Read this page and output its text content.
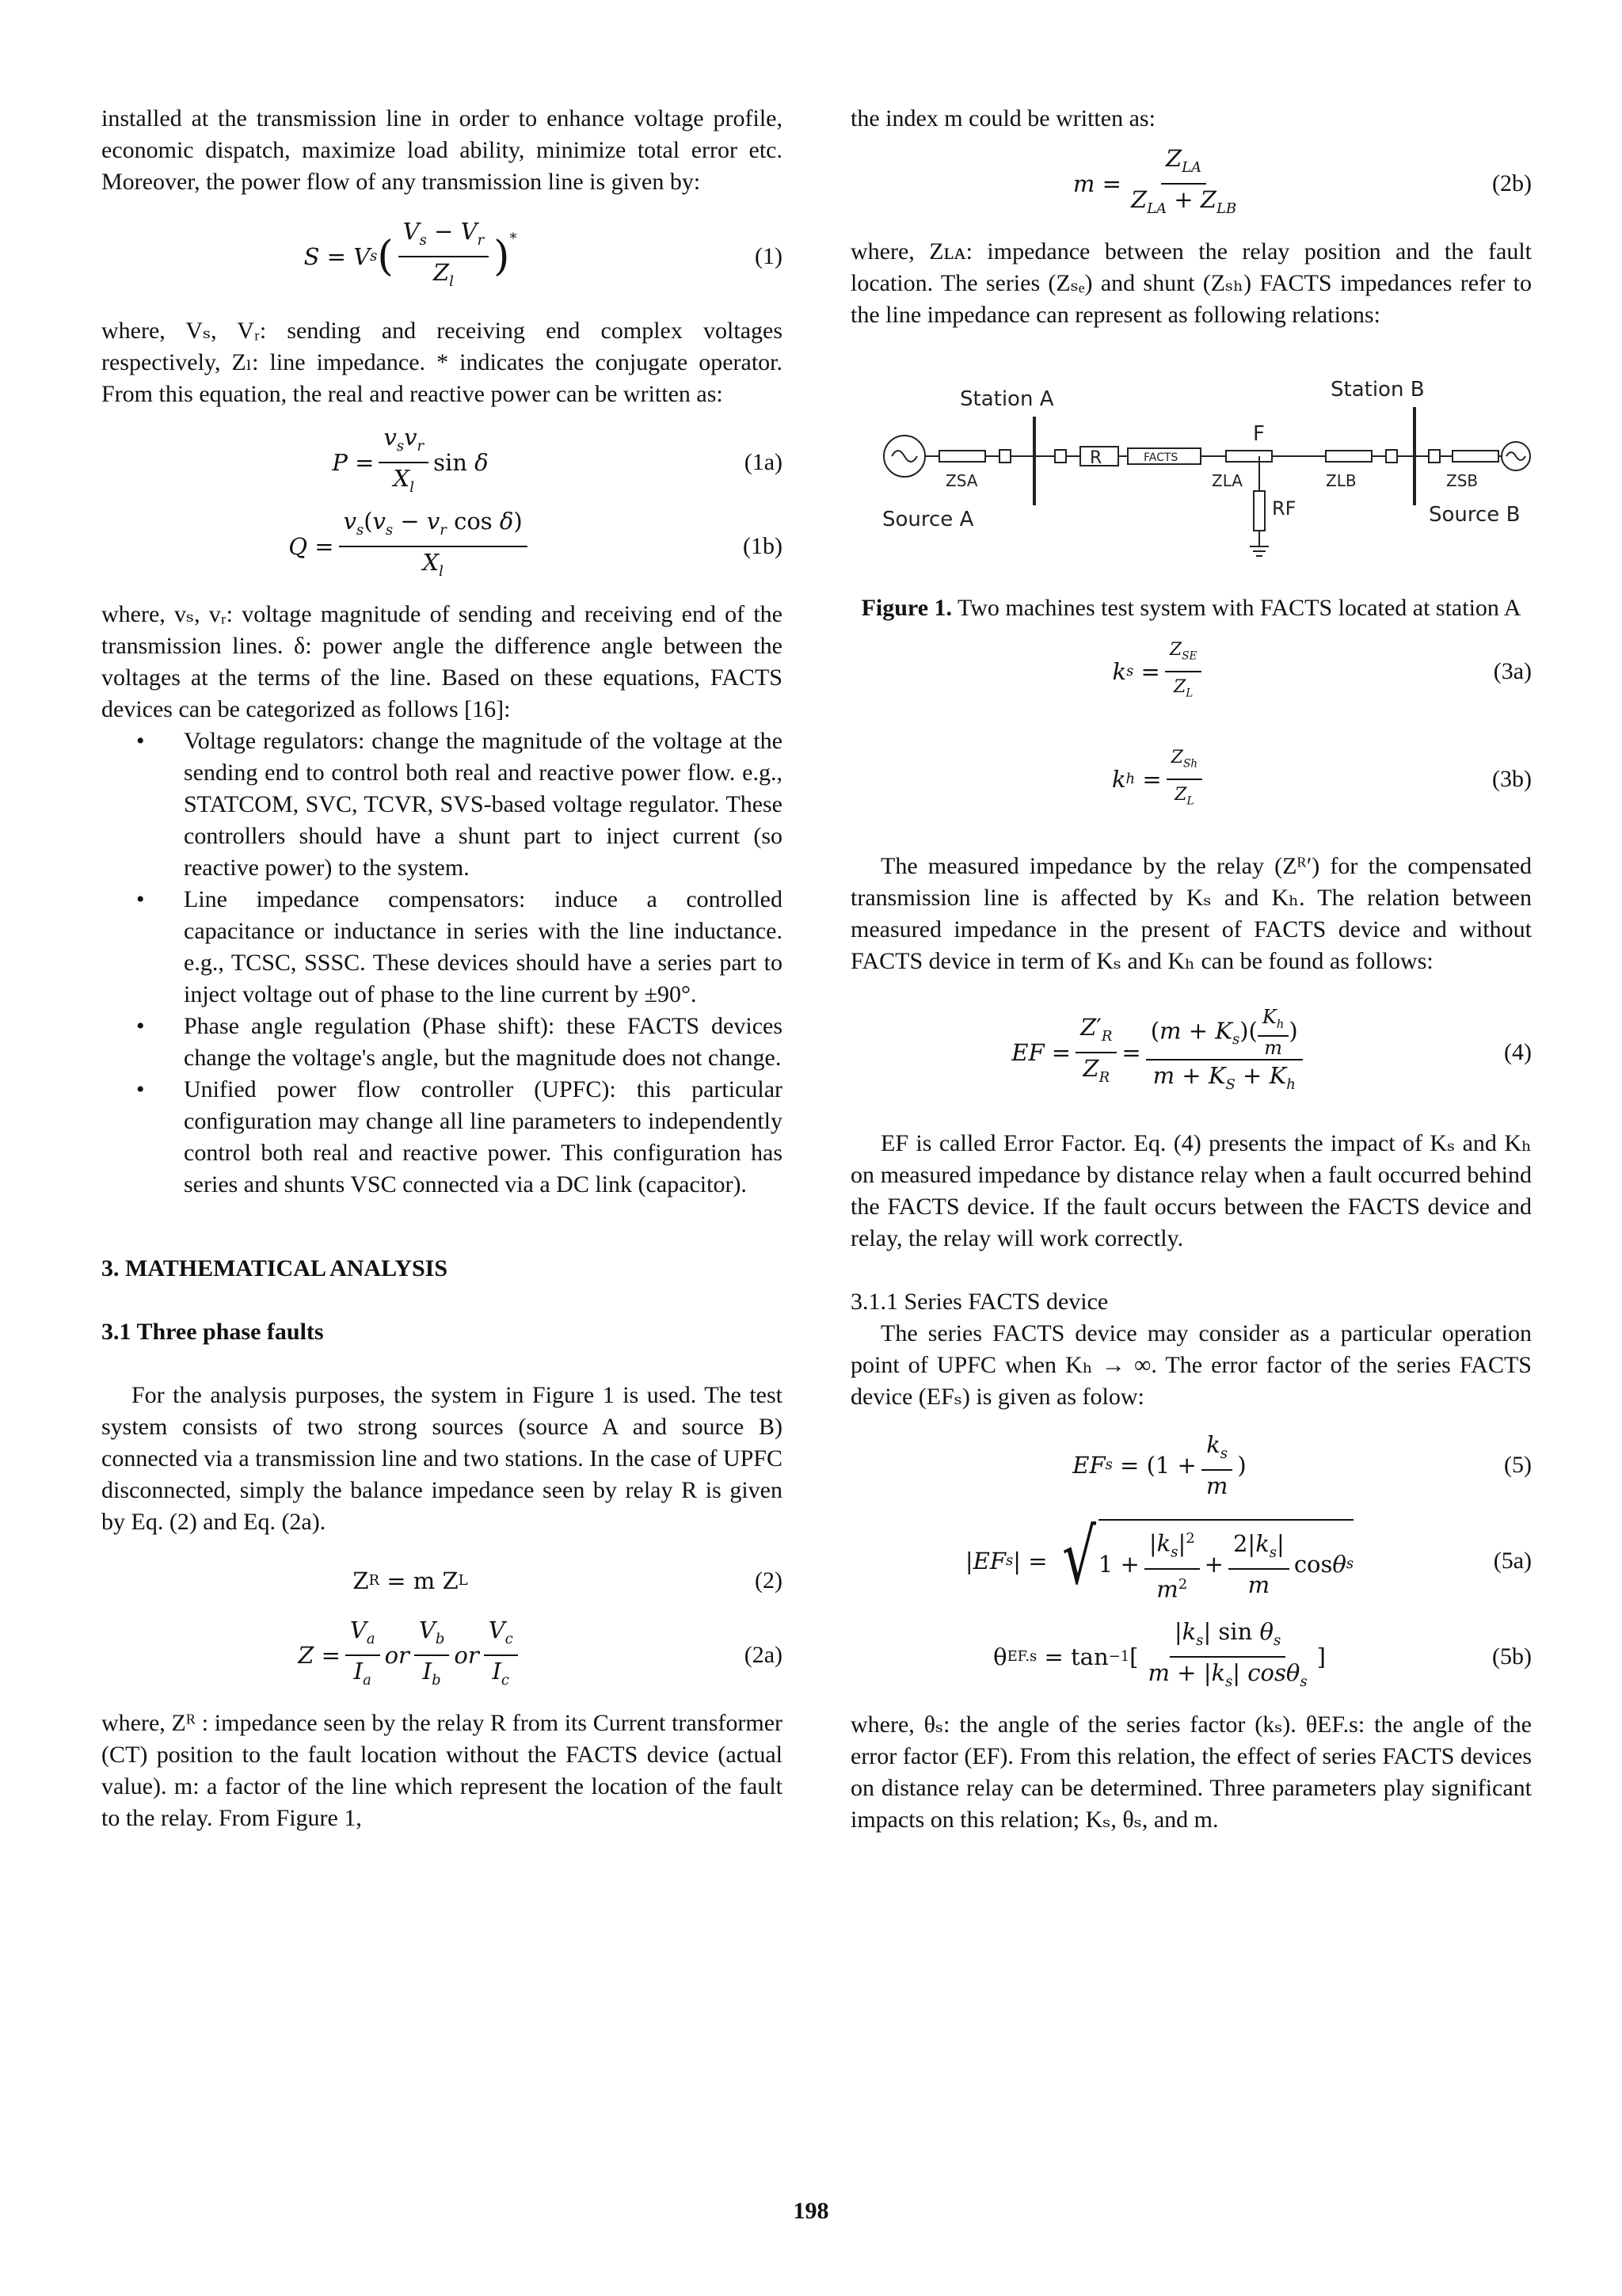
installed at the transmission line in order to enhance voltage profile, economic dispatch, maximize load ability, minimize total error etc. Moreover, the power flow of any transmission line is given by:

S = V s ( $\frac{V_s - V_r}{Z_l} )^*$
(1)

where, Vₛ, Vᵣ: sending and receiving end complex voltages respectively, Zₗ: line impedance. * indicates the conjugate operator. From this equation, the real and reactive power can be written as:

$P = \frac{v_sv_r}{X_l}$ sin δ	(1a)
$Q = \frac{v_s(v_s - v_r \cos \delta)}{X_l}$	(1b)

where, vₛ, vᵣ: voltage magnitude of sending and receiving end of the transmission lines. δ: power angle the difference angle between the voltages at the terms of the line. Based on these equations, FACTS devices can be categorized as follows [16]:

• Voltage regulators: change the magnitude of the voltage at the sending end to control both real and reactive power flow. e.g., STATCOM, SVC, TCVR, SVS-based voltage regulator. These controllers should have a shunt part to inject current (so reactive power) to the system.
• Line impedance compensators: induce a controlled capacitance or inductance in series with the line inductance. e.g., TCSC, SSSC. These devices should have a series part to inject voltage out of phase to the line current by ±90°.
• Phase angle regulation (Phase shift): these FACTS devices change the voltage's angle, but the magnitude does not change.
• Unified power flow controller (UPFC): this particular configuration may change all line parameters to independently control both real and reactive power. This configuration has series and shunts VSC connected via a DC link (capacitor).
3. MATHEMATICAL ANALYSIS
3.1 Three phase faults

For the analysis purposes, the system in Figure 1 is used. The test system consists of two strong sources (source A and source B) connected via a transmission line and two stations. In the case of UPFC disconnected, simply the balance impedance seen by relay R is given by Eq. (2) and Eq. (2a).

Z R = m Z L	(2)
$Z = \frac{V_a}{I_a}$ or $\frac{V_b}{I_b}$ or $\frac{V_c}{I_c}$	(2a)

where, Zᴿ : impedance seen by the relay R from its Current transformer (CT) position to the fault location without the FACTS device (actual value). m: a factor of the line which represent the location of the fault to the relay. From Figure 1,

the index m could be written as:

$m = \frac{Z_{LA}}{Z_{LA} + Z_{LB}}$	(2b)

where, Zʟᴀ: impedance between the relay position and the fault location. The series (Zₛₑ) and shunt (Zₛₕ) FACTS impedances refer to the line impedance can represent as following relations:

Station A	Station B
R	FACTS
F
ZSA	ZLA	ZLB	ZSB
RF
Source A	Source B
Figure 1. Two machines test system with FACTS located at station A
k $s = \frac{Z_{SE}}{Z_L}$	(3a)
k $h = \frac{Z_{Sh}}{Z_L}$	(3b)

The measured impedance by the relay (Zᴿ′) for the compensated transmission line is affected by Kₛ and Kₕ. The relation between measured impedance in the present of FACTS device and without FACTS device in term of Kₛ and Kₕ can be found as follows:

EF = $\frac{Z'_R}{Z_R} = \frac{(m + K_s)( \frac{K_h}{m} )}{m + K_S + K_h}$	(4)

EF is called Error Factor. Eq. (4) presents the impact of Kₛ and Kₕ on measured impedance by distance relay when a fault occurred behind the FACTS device. If the fault occurs between the FACTS device and relay, the relay will work correctly.

3.1.1 Series FACTS device

The series FACTS device may consider as a particular operation point of UPFC when Kₕ → ∞. The error factor of the series FACTS device (EFₛ) is given as folow:

EF $s = (1 + \frac{k_s}{m}$ )	(5)
| EF s | = √ $1 + \frac{|k_s|^2}{m^2} + \frac{2|k_s|}{m}$ cos θ s	(5a)
θ EF.s = tan −1 [ $\frac{|k_s| \sin \theta_s}{m + |k_s| \cos\theta_s}$ ]	(5b)

where, θₛ: the angle of the series factor (kₛ). θEF.s: the angle of the error factor (EF). From this relation, the effect of series FACTS devices on distance relay can be determined. Three parameters play significant impacts on this relation; Kₛ, θₛ, and m.

198
